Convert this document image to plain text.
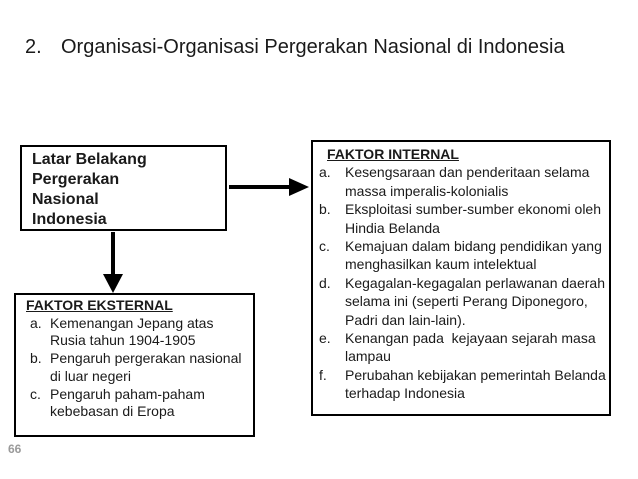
2. Organisasi-Organisasi Pergerakan Nasional di Indonesia
Latar Belakang
Pergerakan
Nasional
Indonesia
FAKTOR INTERNAL
a. Kesengsaraan dan penderitaan selama massa imperalis-kolonialis
b. Eksploitasi sumber-sumber ekonomi oleh Hindia Belanda
c. Kemajuan dalam bidang pendidikan yang menghasilkan kaum intelektual
d. Kegagalan-kegagalan perlawanan daerah selama ini (seperti Perang Diponegoro, Padri dan lain-lain).
e. Kenangan pada  kejayaan sejarah masa lampau
f. Perubahan kebijakan pemerintah Belanda terhadap Indonesia
FAKTOR EKSTERNAL
a. Kemenangan Jepang atas Rusia tahun 1904-1905
b. Pengaruh pergerakan nasional di luar negeri
c. Pengaruh paham-paham kebebasan di Eropa
66
